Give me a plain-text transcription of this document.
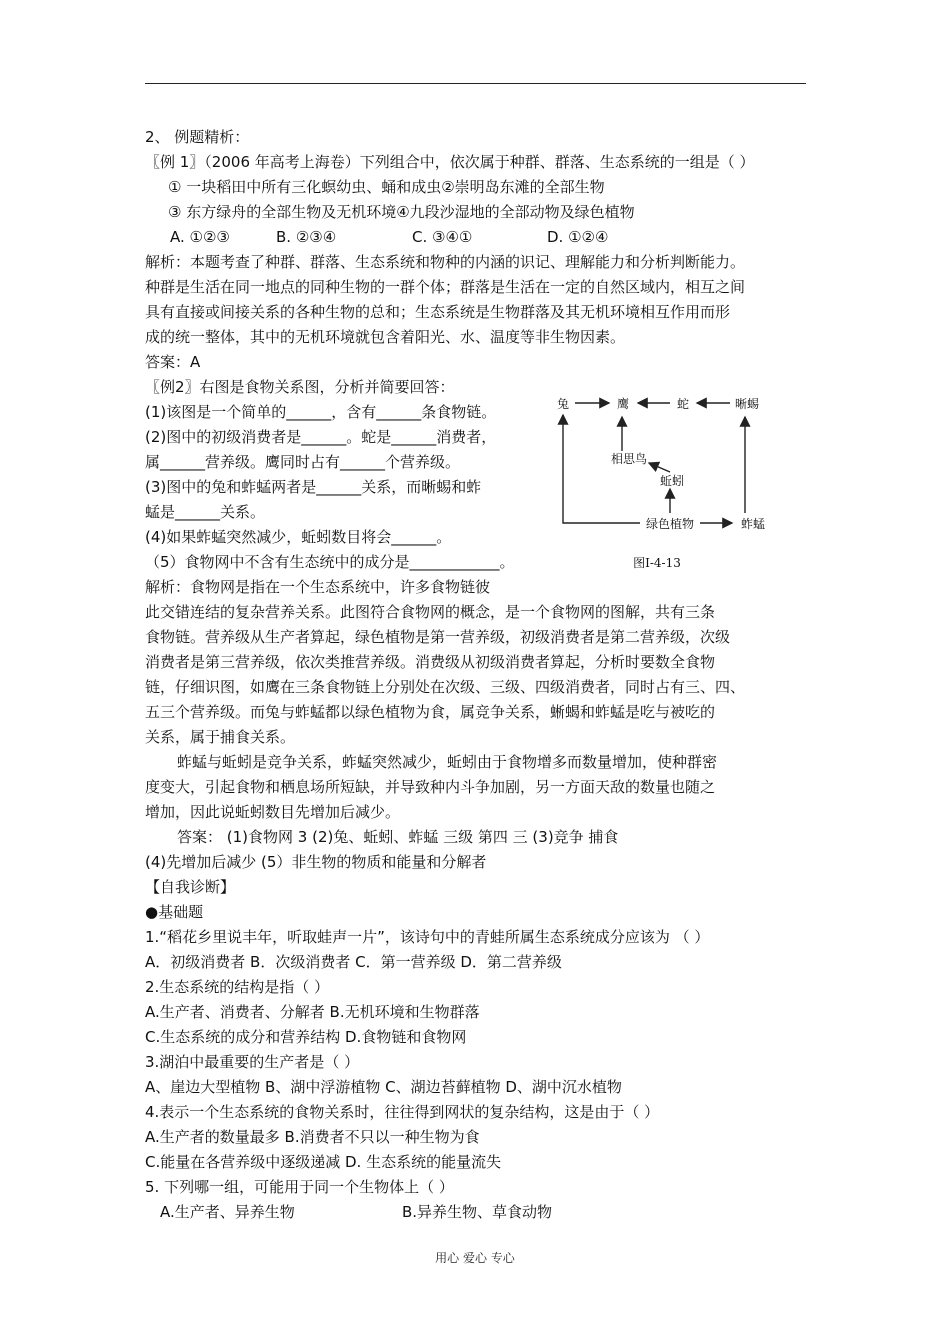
2、 例题精析：
〖例 1〗（2006 年高考上海卷）下列组合中，依次属于种群、群落、生态系统的一组是（ ）
① 一块稻田中所有三化螟幼虫、蛹和成虫②崇明岛东滩的全部生物
③ 东方绿舟的全部生物及无机环境④九段沙湿地的全部动物及绿色植物
A. ①②③	B. ②③④	C. ③④①	D. ①②④
解析：本题考查了种群、群落、生态系统和物种的内涵的识记、理解能力和分析判断能力。
种群是生活在同一地点的同种生物的一群个体；群落是生活在一定的自然区域内，相互之间
具有直接或间接关系的各种生物的总和；生态系统是生物群落及其无机环境相互作用而形
成的统一整体，其中的无机环境就包含着阳光、水、温度等非生物因素。
答案：A
〖例2〗右图是食物关系图，分析并简要回答：
(1)该图是一个简单的______，含有______条食物链。
(2)图中的初级消费者是______。蛇是______消费者，
属______营养级。鹰同时占有______个营养级。
(3)图中的兔和蚱蜢两者是______关系，而晰蜴和蚱
蜢是______关系。
(4)如果蚱蜢突然减少，蚯蚓数目将会______。
（5）食物网中不含有生态统中的成分是____________。
解析：食物网是指在一个生态系统中，许多食物链彼
此交错连结的复杂营养关系。此图符合食物网的概念，是一个食物网的图解，共有三条
食物链。营养级从生产者算起，绿色植物是第一营养级，初级消费者是第二营养级，次级
消费者是第三营养级，依次类推营养级。消费级从初级消费者算起，分析时要数全食物
链，仔细识图，如鹰在三条食物链上分别处在次级、三级、四级消费者，同时占有三、四、
五三个营养级。而兔与蚱蜢都以绿色植物为食，属竞争关系，蜥蝎和蚱蜢是吃与被吃的
关系，属于捕食关系。
蚱蜢与蚯蚓是竞争关系，蚱蜢突然减少，蚯蚓由于食物增多而数量增加，使种群密
度变大，引起食物和栖息场所短缺，并导致种内斗争加剧，另一方面天敌的数量也随之
增加，因此说蚯蚓数目先增加后减少。
答案： (1)食物网 3 (2)兔、蚯蚓、蚱蜢 三级 第四 三 (3)竞争 捕食
(4)先增加后减少 (5）非生物的物质和能量和分解者
【自我诊断】
●基础题
1.“稻花乡里说丰年，听取蛙声一片”，该诗句中的青蛙所属生态系统成分应该为 （ ）
A．初级消费者 B．次级消费者 C．第一营养级 D．第二营养级
2.生态系统的结构是指（ ）
A.生产者、消费者、分解者 B.无机环境和生物群落
C.生态系统的成分和营养结构 D.食物链和食物网
3.湖泊中最重要的生产者是（ ）
A、崖边大型植物 B、湖中浮游植物 C、湖边苔藓植物 D、湖中沉水植物
4.表示一个生态系统的食物关系时，往往得到网状的复杂结构，这是由于（ ）
A.生产者的数量最多 B.消费者不只以一种生物为食
C.能量在各营养级中逐级递减 D. 生态系统的能量流失
5. 下列哪一组，可能用于同一个生物体上（ ）
A.生产者、异养生物	B.异养生物、草食动物
兔	鹰	蛇	晰蜴
相思鸟
蚯蚓
绿色植物	蚱蜢
图Ⅰ-4-13
用心 爱心 专心
